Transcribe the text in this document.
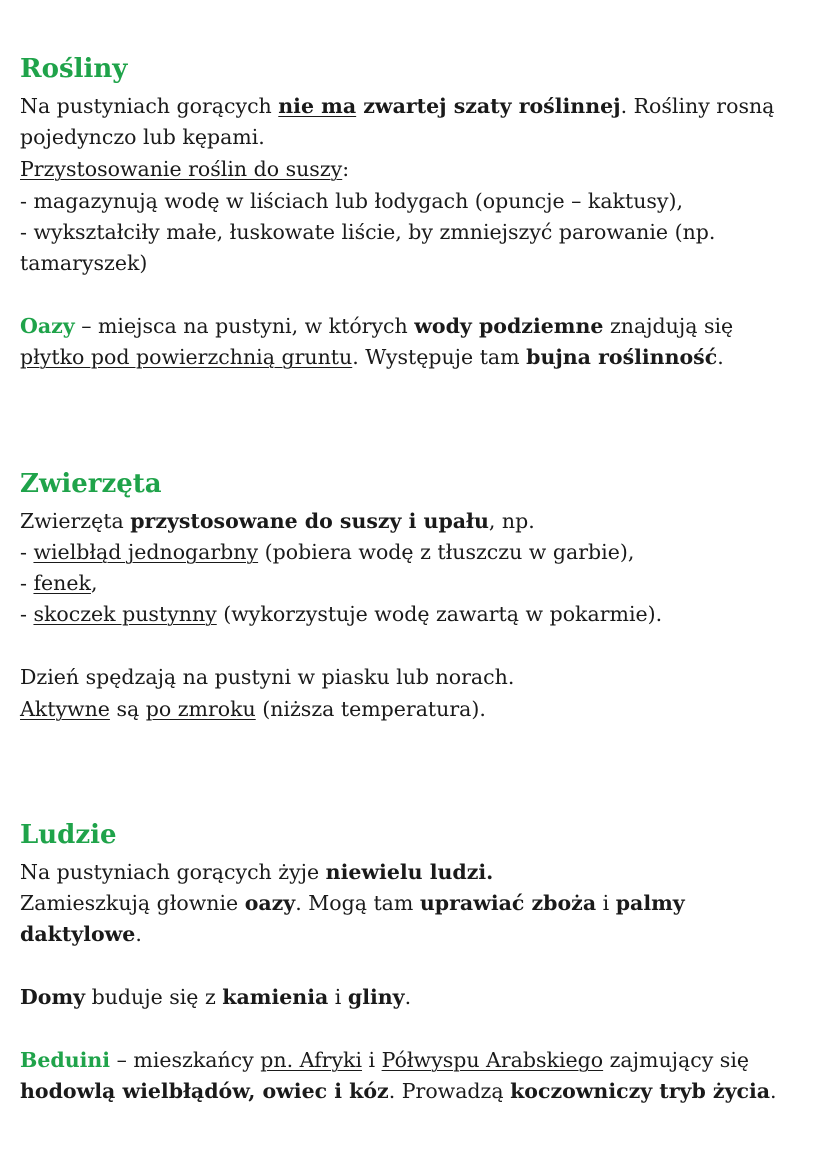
Rośliny
Na pustyniach gorących nie ma zwartej szaty roślinnej. Rośliny rosną
pojedynczo lub kępami.
Przystosowanie roślin do suszy:
- magazynują wodę w liściach lub łodygach (opuncje – kaktusy),
- wykształciły małe, łuskowate liście, by zmniejszyć parowanie (np.
tamaryszek)
Oazy – miejsca na pustyni, w których wody podziemne znajdują się
płytko pod powierzchnią gruntu. Występuje tam bujna roślinność.
Zwierzęta
Zwierzęta przystosowane do suszy i upału, np.
- wielbłąd jednogarbny (pobiera wodę z tłuszczu w garbie),
- fenek,
- skoczek pustynny (wykorzystuje wodę zawartą w pokarmie).
Dzień spędzają na pustyni w piasku lub norach.
Aktywne są po zmroku (niższa temperatura).
Ludzie
Na pustyniach gorących żyje niewielu ludzi.
Zamieszkują głownie oazy. Mogą tam uprawiać zboża i palmy
daktylowe.
Domy buduje się z kamienia i gliny.
Beduini – mieszkańcy pn. Afryki i Półwyspu Arabskiego zajmujący się
hodowlą wielbłądów, owiec i kóz. Prowadzą koczowniczy tryb życia.
